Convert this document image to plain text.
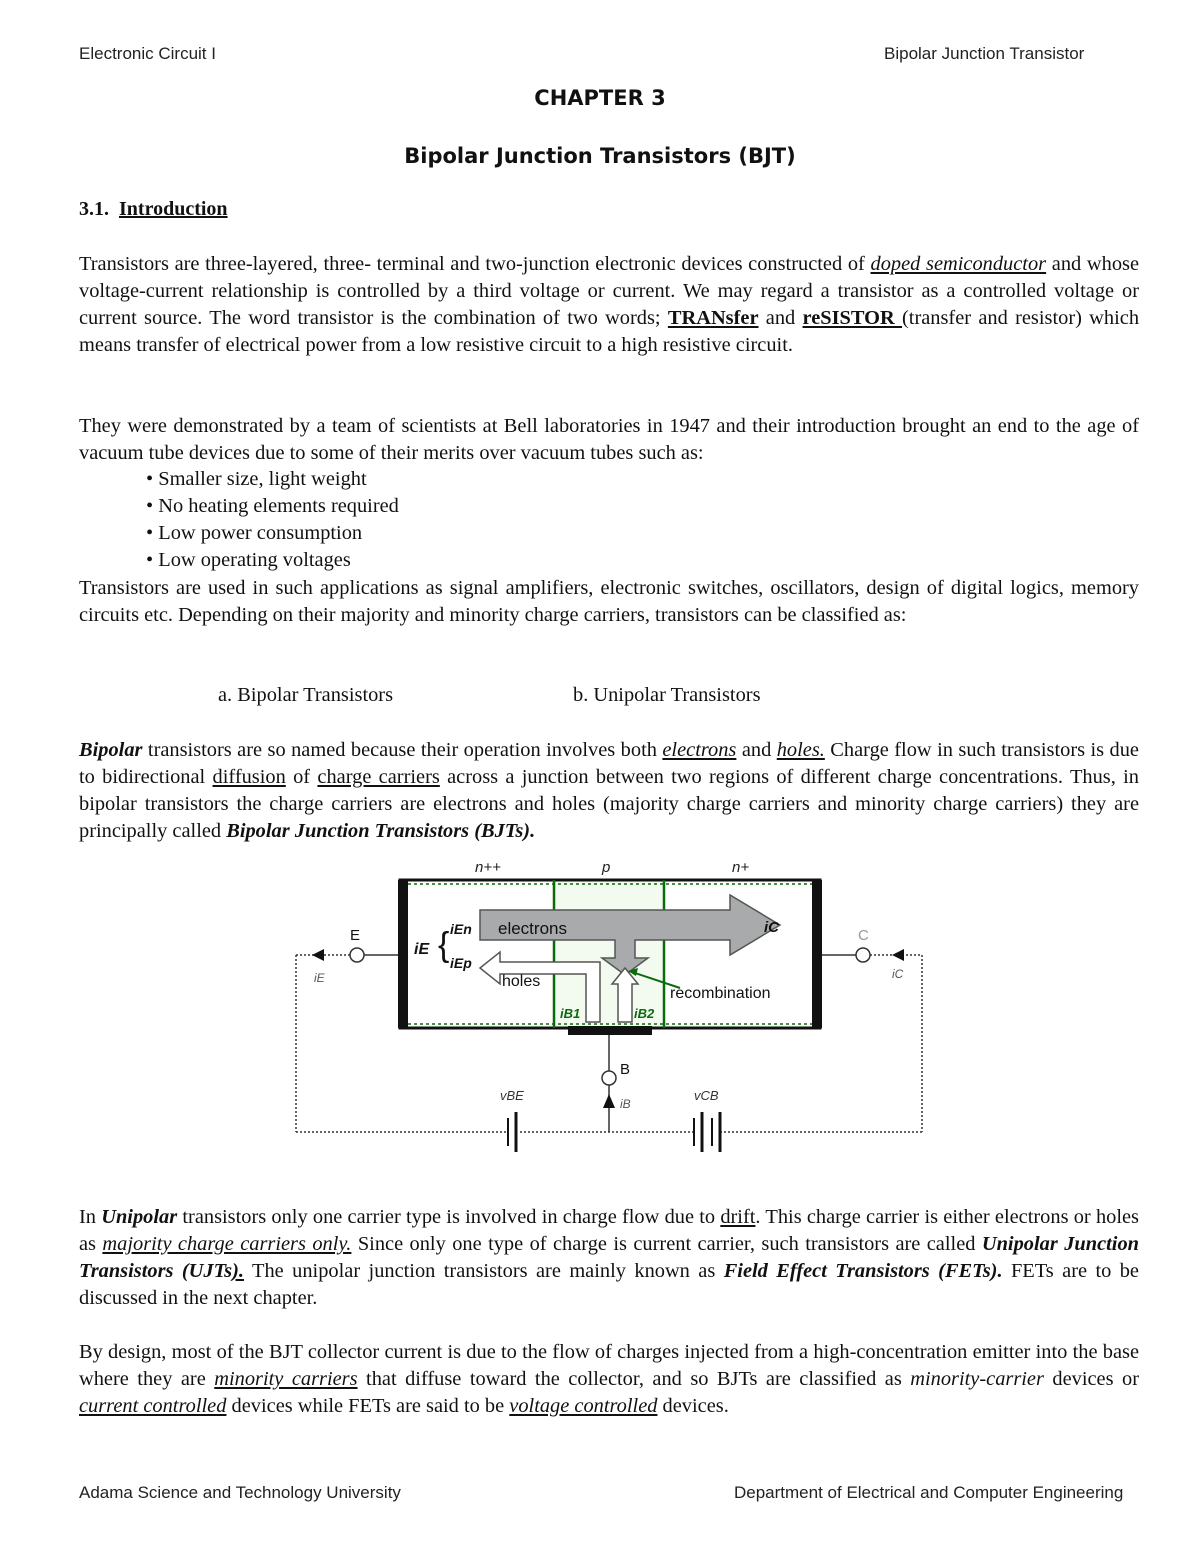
Electronic Circuit I	Bipolar Junction Transistor
CHAPTER 3
Bipolar Junction Transistors (BJT)
3.1. Introduction
Transistors are three-layered, three- terminal and two-junction electronic devices constructed of doped semiconductor and whose voltage-current relationship is controlled by a third voltage or current. We may regard a transistor as a controlled voltage or current source. The word transistor is the combination of two words; TRANsfer and reSISTOR (transfer and resistor) which means transfer of electrical power from a low resistive circuit to a high resistive circuit.
They were demonstrated by a team of scientists at Bell laboratories in 1947 and their introduction brought an end to the age of vacuum tube devices due to some of their merits over vacuum tubes such as:
• Smaller size, light weight
• No heating elements required
• Low power consumption
• Low operating voltages
Transistors are used in such applications as signal amplifiers, electronic switches, oscillators, design of digital logics, memory circuits etc. Depending on their majority and minority charge carriers, transistors can be classified as:
a. Bipolar Transistors	b. Unipolar Transistors
Bipolar transistors are so named because their operation involves both electrons and holes. Charge flow in such transistors is due to bidirectional diffusion of charge carriers across a junction between two regions of different charge concentrations. Thus, in bipolar transistors the charge carriers are electrons and holes (majority charge carriers and minority charge carriers) they are principally called Bipolar Junction Transistors (BJTs).
n++	p	n+
electrons
holes
recombination
iE { iEn
iEp
iC
iB1	iB2
E
iE
C
iC
vBE	vCB
B
iB
In Unipolar transistors only one carrier type is involved in charge flow due to drift. This charge carrier is either electrons or holes as majority charge carriers only. Since only one type of charge is current carrier, such transistors are called Unipolar Junction Transistors (UJTs). The unipolar junction transistors are mainly known as Field Effect Transistors (FETs). FETs are to be discussed in the next chapter.
By design, most of the BJT collector current is due to the flow of charges injected from a high-concentration emitter into the base where they are minority carriers that diffuse toward the collector, and so BJTs are classified as minority-carrier devices or current controlled devices while FETs are said to be voltage controlled devices.
Adama Science and Technology University	Department of Electrical and Computer Engineering
